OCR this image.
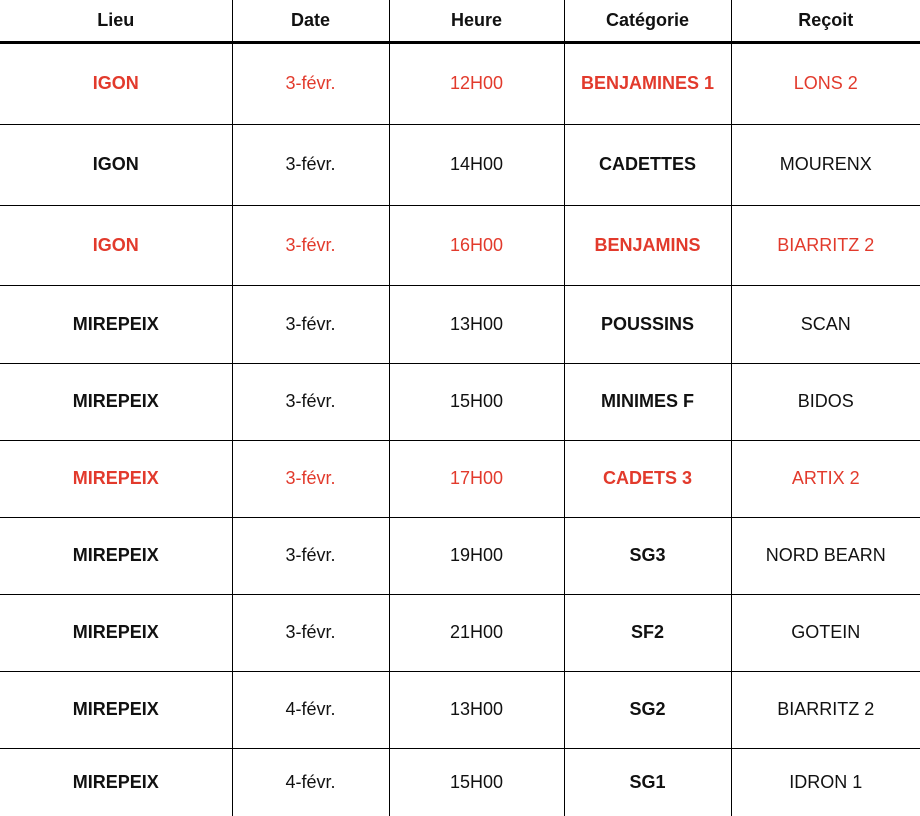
Lieu	Date	Heure	Catégorie	Reçoit
IGON	3-févr.	12H00	BENJAMINES 1	LONS 2
IGON	3-févr.	14H00	CADETTES	MOURENX
IGON	3-févr.	16H00	BENJAMINS	BIARRITZ 2
MIREPEIX	3-févr.	13H00	POUSSINS	SCAN
MIREPEIX	3-févr.	15H00	MINIMES F	BIDOS
MIREPEIX	3-févr.	17H00	CADETS 3	ARTIX 2
MIREPEIX	3-févr.	19H00	SG3	NORD BEARN
MIREPEIX	3-févr.	21H00	SF2	GOTEIN
MIREPEIX	4-févr.	13H00	SG2	BIARRITZ 2
MIREPEIX	4-févr.	15H00	SG1	IDRON 1
